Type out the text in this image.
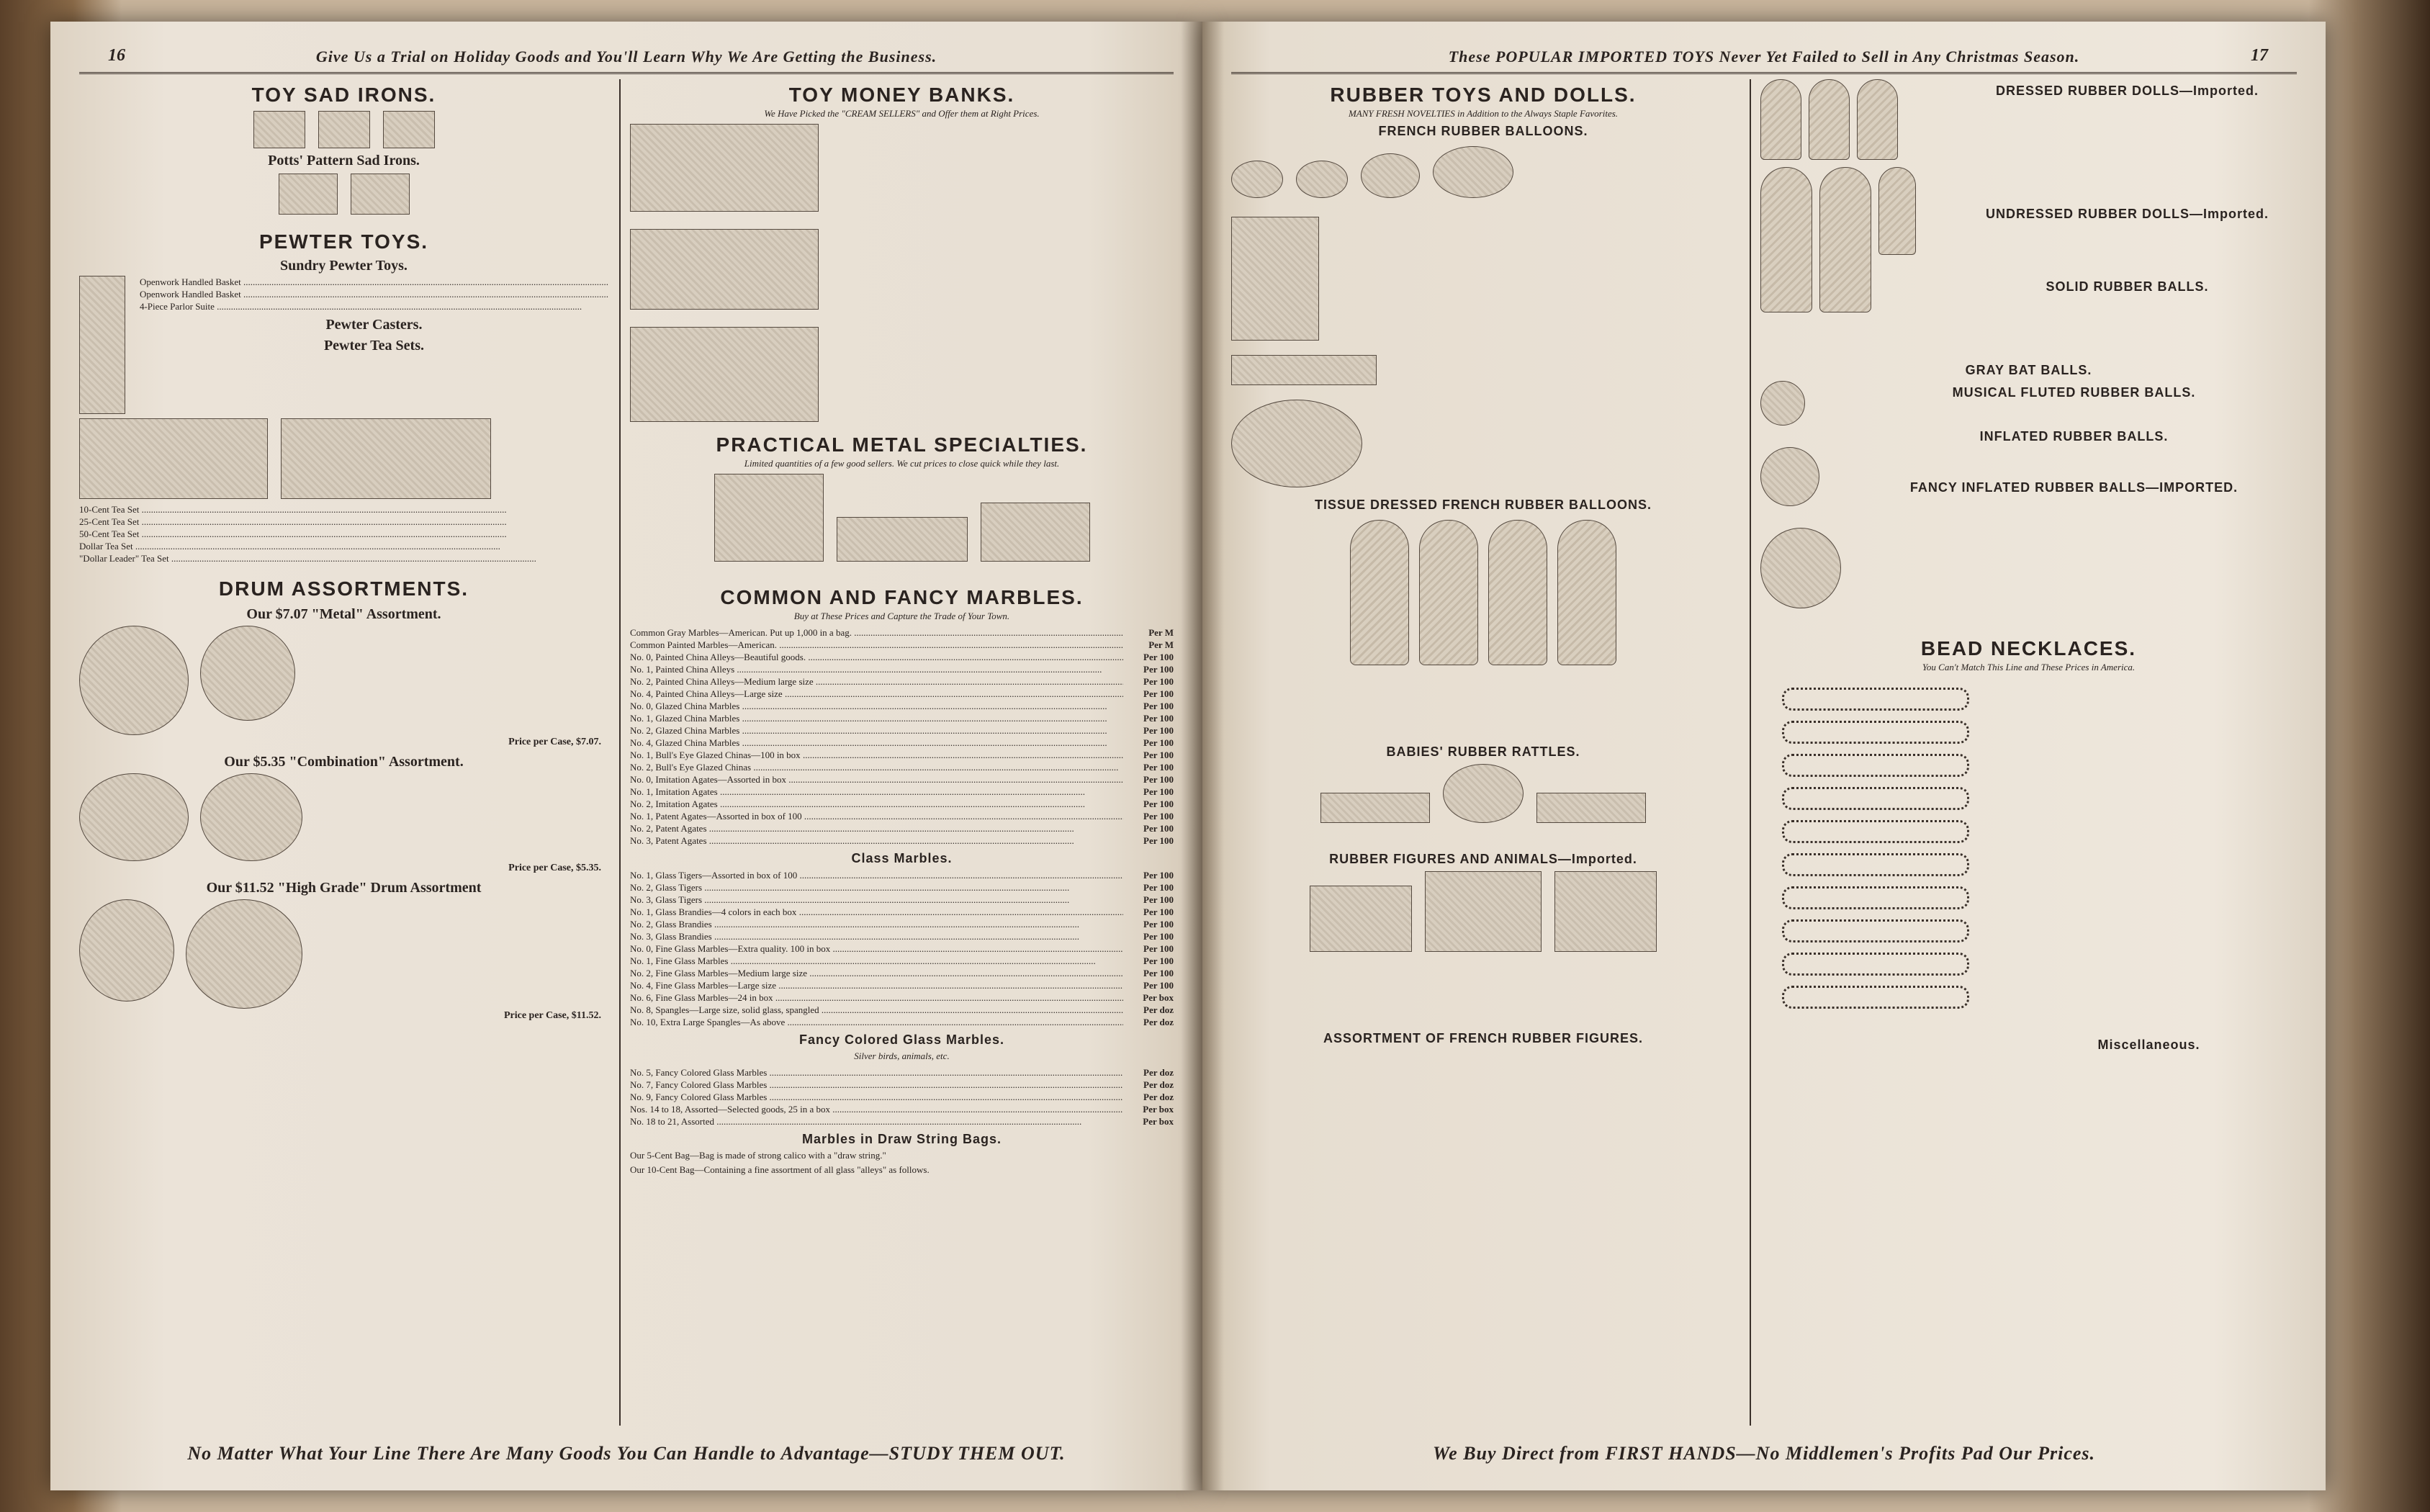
16	Give Us a Trial on Holiday Goods and You'll Learn Why We Are Getting the Business.
TOY SAD IRONS.
Potts' Pattern Sad Irons.
PEWTER TOYS.
Sundry Pewter Toys.
Openwork Handled Basket .....
Openwork Handled Basket .....
4-Piece Parlor Suite .....
Pewter Casters.
Pewter Tea Sets.
10-Cent Tea Set .....
25-Cent Tea Set .....
50-Cent Tea Set .....
Dollar Tea Set .....
"Dollar Leader" Tea Set .....
DRUM ASSORTMENTS.
Our $7.07 "Metal" Assortment.
Price per Case, $7.07.
Our $5.35 "Combination" Assortment.
Price per Case, $5.35.
Our $11.52 "High Grade" Drum Assortment
Price per Case, $11.52.
TOY MONEY BANKS.
We Have Picked the "CREAM SELLERS" and Offer them at Right Prices.

PRACTICAL METAL SPECIALTIES.
Limited quantities of a few good sellers. We cut prices to close quick while they last.
COMMON AND FANCY MARBLES.
Buy at These Prices and Capture the Trade of Your Town.
Common Gray Marbles—American. Put up 1,000 in a bag. .....	Per M
Common Painted Marbles—American. .....	Per M
No. 0, Painted China Alleys—Beautiful goods. .....	Per 100
No. 1, Painted China Alleys .....	Per 100
No. 2, Painted China Alleys—Medium large size .....	Per 100
No. 4, Painted China Alleys—Large size .....	Per 100
No. 0, Glazed China Marbles .....	Per 100
No. 1, Glazed China Marbles .....	Per 100
No. 2, Glazed China Marbles .....	Per 100
No. 4, Glazed China Marbles .....	Per 100
No. 1, Bull's Eye Glazed Chinas—100 in box .....	Per 100
No. 2, Bull's Eye Glazed Chinas .....	Per 100
No. 0, Imitation Agates—Assorted in box .....	Per 100
No. 1, Imitation Agates .....	Per 100
No. 2, Imitation Agates .....	Per 100
No. 1, Patent Agates—Assorted in box of 100 .....	Per 100
No. 2, Patent Agates .....	Per 100
No. 3, Patent Agates .....	Per 100
Class Marbles.
No. 1, Glass Tigers—Assorted in box of 100 .....	Per 100
No. 2, Glass Tigers .....	Per 100
No. 3, Glass Tigers .....	Per 100
No. 1, Glass Brandies—4 colors in each box .....	Per 100
No. 2, Glass Brandies .....	Per 100
No. 3, Glass Brandies .....	Per 100
No. 0, Fine Glass Marbles—Extra quality. 100 in box .....	Per 100
No. 1, Fine Glass Marbles .....	Per 100
No. 2, Fine Glass Marbles—Medium large size .....	Per 100
No. 4, Fine Glass Marbles—Large size .....	Per 100
No. 6, Fine Glass Marbles—24 in box .....	Per box
No. 8, Spangles—Large size, solid glass, spangled .....	Per doz
No. 10, Extra Large Spangles—As above .....	Per doz
Fancy Colored Glass Marbles.
Silver birds, animals, etc.
No. 5, Fancy Colored Glass Marbles .....	Per doz
No. 7, Fancy Colored Glass Marbles .....	Per doz
No. 9, Fancy Colored Glass Marbles .....	Per doz
Nos. 14 to 18, Assorted—Selected goods, 25 in a box .....	Per box
No. 18 to 21, Assorted .....	Per box
Marbles in Draw String Bags.

Our 5-Cent Bag—Bag is made of strong calico with a "draw string."

Our 10-Cent Bag—Containing a fine assortment of all glass "alleys" as follows.

No Matter What Your Line There Are Many Goods You Can Handle to Advantage—STUDY THEM OUT.
These POPULAR IMPORTED TOYS Never Yet Failed to Sell in Any Christmas Season.	17
RUBBER TOYS AND DOLLS.
MANY FRESH NOVELTIES in Addition to the Always Staple Favorites.
FRENCH RUBBER BALLOONS.

TISSUE DRESSED FRENCH RUBBER BALLOONS.
BABIES' RUBBER RATTLES.
RUBBER FIGURES AND ANIMALS—Imported.
ASSORTMENT OF FRENCH RUBBER FIGURES.
DRESSED RUBBER DOLLS—Imported.
UNDRESSED RUBBER DOLLS—Imported.
SOLID RUBBER BALLS.
GRAY BAT BALLS.
MUSICAL FLUTED RUBBER BALLS.
INFLATED RUBBER BALLS.
FANCY INFLATED RUBBER BALLS—IMPORTED.
BEAD NECKLACES.
You Can't Match This Line and These Prices in America.
Miscellaneous.
We Buy Direct from FIRST HANDS—No Middlemen's Profits Pad Our Prices.
